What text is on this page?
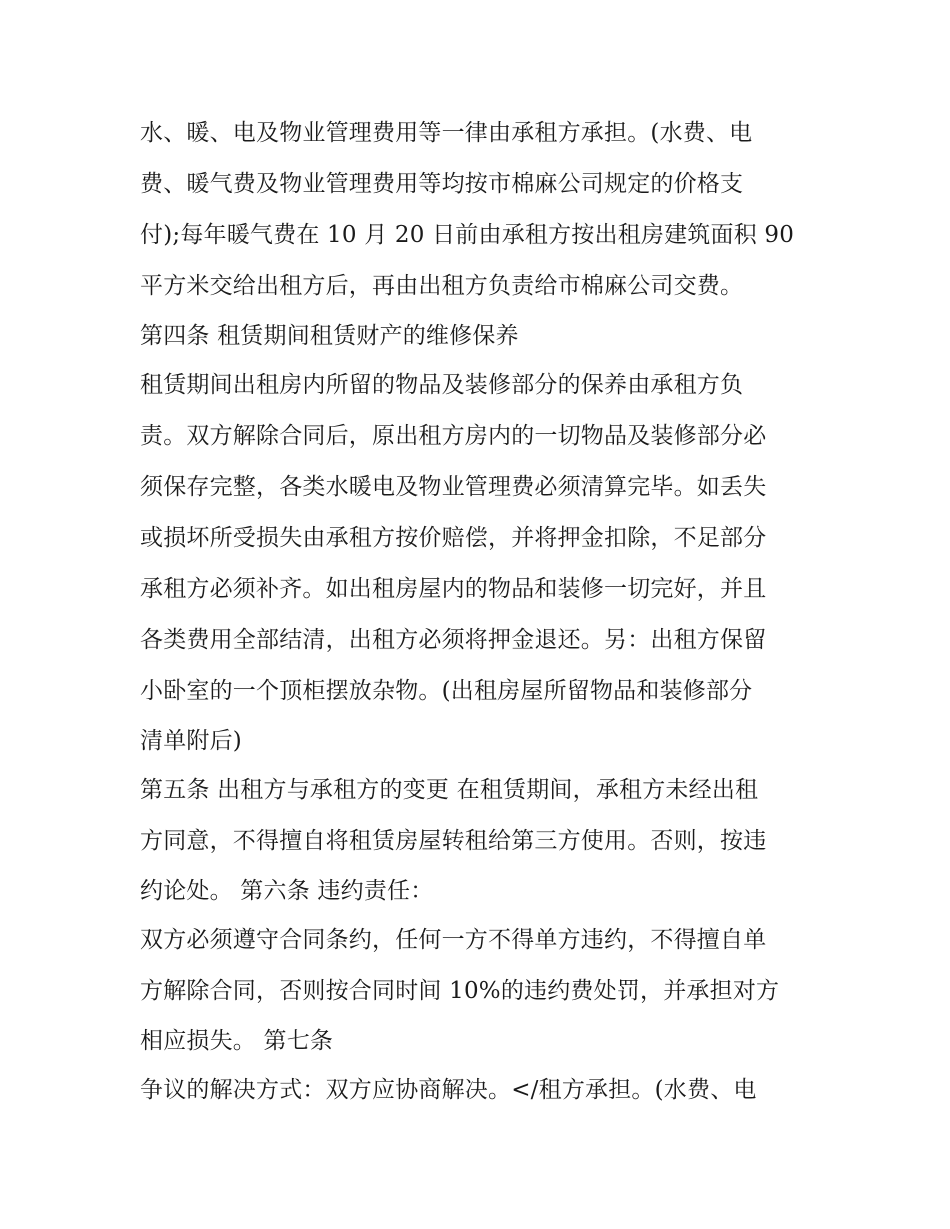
水、暖、电及物业管理费用等一律由承租方承担。(水费、电
费、暖气费及物业管理费用等均按市棉麻公司规定的价格支
付);每年暖气费在 10 月 20 日前由承租方按出租房建筑面积 90
平方米交给出租方后，再由出租方负责给市棉麻公司交费。
第四条 租赁期间租赁财产的维修保养
租赁期间出租房内所留的物品及装修部分的保养由承租方负
责。双方解除合同后，原出租方房内的一切物品及装修部分必
须保存完整，各类水暖电及物业管理费必须清算完毕。如丢失
或损坏所受损失由承租方按价赔偿，并将押金扣除，不足部分
承租方必须补齐。如出租房屋内的物品和装修一切完好，并且
各类费用全部结清，出租方必须将押金退还。另：出租方保留
小卧室的一个顶柜摆放杂物。(出租房屋所留物品和装修部分
清单附后)
第五条 出租方与承租方的变更 在租赁期间，承租方未经出租
方同意，不得擅自将租赁房屋转租给第三方使用。否则，按违
约论处。 第六条 违约责任：
双方必须遵守合同条约，任何一方不得单方违约，不得擅自单
方解除合同，否则按合同时间 10%的违约费处罚，并承担对方
相应损失。 第七条
争议的解决方式：双方应协商解决。</租方承担。(水费、电
